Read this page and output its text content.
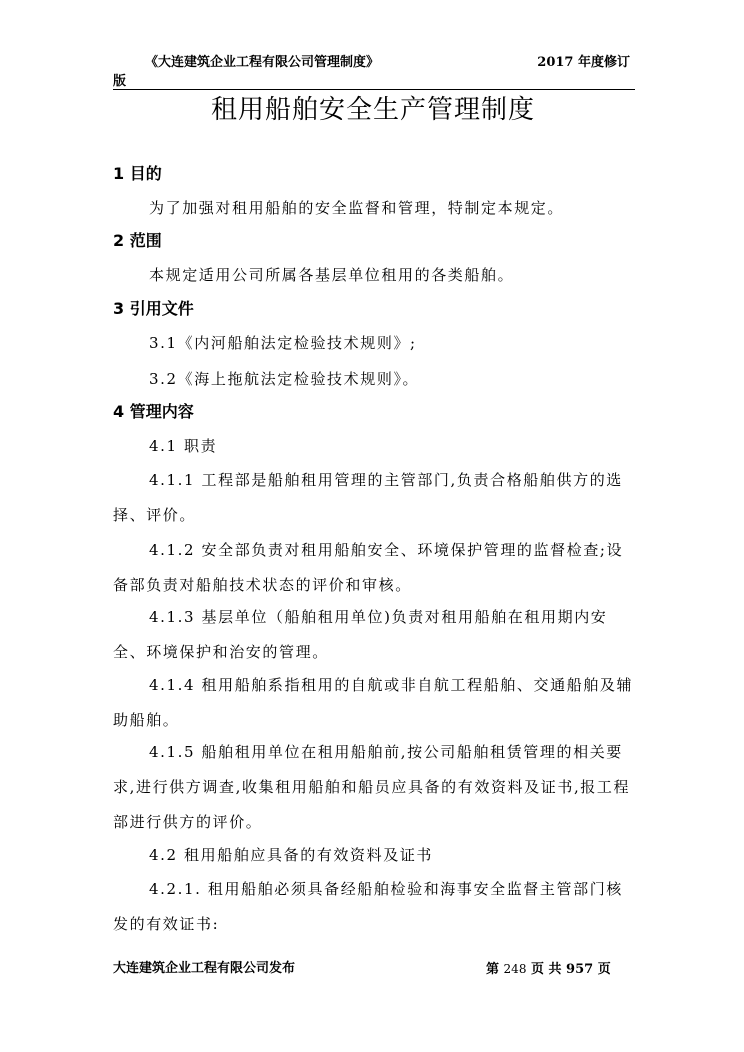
《大连建筑企业工程有限公司管理制度》	2017 年度修订
版
租用船舶安全生产管理制度
1 目的
为了加强对租用船舶的安全监督和管理，特制定本规定。
2 范围
本规定适用公司所属各基层单位租用的各类船舶。
3 引用文件
3.1《内河船舶法定检验技术规则》;
3.2《海上拖航法定检验技术规则》。
4 管理内容
4.1 职责
4.1.1 工程部是船舶租用管理的主管部门,负责合格船舶供方的选择、评价。
4.1.2 安全部负责对租用船舶安全、环境保护管理的监督检查;设备部负责对船舶技术状态的评价和审核。
4.1.3 基层单位（船舶租用单位)负责对租用船舶在租用期内安全、环境保护和治安的管理。
4.1.4 租用船舶系指租用的自航或非自航工程船舶、交通船舶及辅助船舶。
4.1.5 船舶租用单位在租用船舶前,按公司船舶租赁管理的相关要求,进行供方调查,收集租用船舶和船员应具备的有效资料及证书,报工程部进行供方的评价。
4.2 租用船舶应具备的有效资料及证书
4.2.1. 租用船舶必须具备经船舶检验和海事安全监督主管部门核发的有效证书:
大连建筑企业工程有限公司发布	第 248 页 共 957 页
